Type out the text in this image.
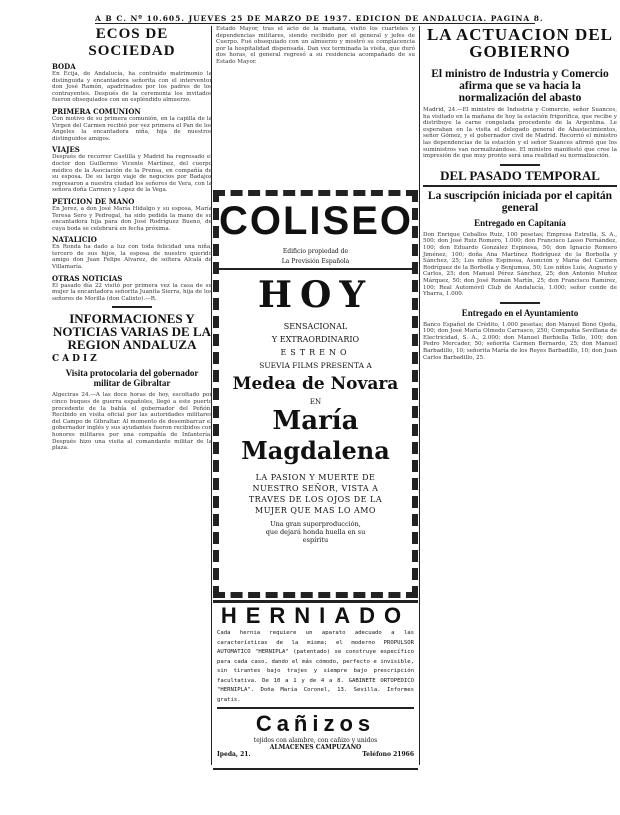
A B C. Nº 10.605. JUEVES 25 DE MARZO DE 1937. EDICION DE ANDALUCIA. PAGINA 8.
ECOS DE SOCIEDAD
BODA
En Écija, de Andalucía, ha contraído matrimonio la distinguida y encantadora señorita con el interventor don José Ramón, apadrinados por los padres de los contrayentes. Después de la ceremonia los invitados fueron obsequiados con un espléndido almuerzo.
PRIMERA COMUNION
Con motivo de su primera comunión, en la capilla de la Virgen del Carmen recibió por vez primera el Pan de los Ángeles la encantadora niña, hija de nuestros distinguidos amigos.
VIAJES
Después de recorrer Castilla y Madrid ha regresado el doctor don Guillermo Vicente Martínez, del cuerpo médico de la Asociación de la Prensa, en compañía de su esposa. De su largo viaje de negocios por Badajoz regresaron a nuestra ciudad los señores de Vera, con la señora doña Carmen y Lopez de la Vega.
PETICION DE MANO
En Jerez, a don José María Hidalgo y su esposa, María Teresa Sero y Pedregal, ha sido pedida la mano de su encantadora hija para don José Rodríguez Bueno, de cuya boda se celebrará en fecha próxima.
NATALICIO
En Ronda ha dado a luz con toda felicidad una niña, tercero de sus hijos, la esposa de nuestro querido amigo don Juan Felipe Alvarez, de soltera Alcalá de Villamaría.
OTRAS NOTICIAS
El pasado día 22 visitó por primera vez la casa de su mujer la encantadora señorita Juanita Sierra, hija de los señores de Morilla (don Calixto).—R.
INFORMACIONES Y NOTICIAS VARIAS DE LA REGION ANDALUZA
CADIZ
Visita protocolaria del gobernador militar de Gibraltar
Algeciras 24.—A las doce horas de hoy, escoltado por cinco buques de guerra españoles, llegó a este puerto procedente de la bahía el gobernador del Peñón. Recibido en visita oficial por las autoridades militares del Campo de Gibraltar. Al momento de desembarcar el gobernador inglés y sus ayudantes fueron recibidos con honores militares por una compañía de Infantería. Después hizo una visita al comandante militar de la plaza.
Estado Mayor, tras el acto de la mañana, visitó los cuarteles y dependencias militares, siendo recibido por el general y jefes de Cuerpo. Fué obsequiado con un almuerzo y mostró su complacencia por la hospitalidad dispensada. Dan vez terminada la visita, que duró dos horas, el general regresó a su residencia acompañado de su Estado Mayor.
COLISEO
Edificio propiedad de
La Previsión Española
HOY
SENSACIONAL
Y EXTRAORDINARIO
ESTRENO
SUEVIA FILMS PRESENTA A
Medea de Novara
EN
María
Magdalena
LA PASION Y MUERTE DE NUESTRO SEÑOR, VISTA A TRAVES DE LOS OJOS DE LA MUJER QUE MAS LO AMO
Una gran superproducción, que dejará honda huella en su espíritu
HERNIADO
Cada hernia requiere un aparato adecuado a las características de la misma; el moderno PROPULSOR AUTOMATICO "HERNIPLA" (patentado) se construye específico para cada caso, dando el más cómodo, perfecto e invisible, sin tirantes bajo trajes y siempre bajo prescripción facultativa. De 10 a 1 y de 4 a 8. GABINETE ORTOPEDICO "HERNIPLA". Doña María Coronel, 13. Sevilla. Informes gratis.
Cañizos
tejidos con alambre, con cañizo y unidos
ALMACENES CAMPUZANO
Ipeda, 21.	Teléfono 21966
LA ACTUACION DEL GOBIERNO
El ministro de Industria y Comercio afirma que se va hacia la normalización del abasto
Madrid, 24.—El ministro de Industria y Comercio, señor Suances, ha visitado en la mañana de hoy la estación frigorífica, que recibe y distribuye la carne congelada procedente de la Argentina. Le esperaban en la visita el delegado general de Abastecimientos, señor Gómez, y el gobernador civil de Madrid. Recorrió el ministro las dependencias de la estación y el señor Suances afirmó que los suministros van normalizándose. El ministro manifestó que cree la impresión de que muy pronto será una realidad su normalización.
DEL PASADO TEMPORAL
La suscripción iniciada por el capitán general
Entregado en Capitanía
Don Enrique Ceballos Ruiz, 100 pesetas; Empresa Estrella, S. A., 500; don José Ruiz Romero, 1.000; don Francisco Lasso Fernández, 100; don Eduardo González Espinosa, 50; don Ignacio Romero Jiménez, 100; doña Ana Martínez Rodríguez de la Borbolla y Sánchez, 25; Los niños Espinosa, Asunción y María del Carmen Rodríguez de la Borbolla y Benjumea, 50; Los niños Luis, Augusto y Carlos, 25; don Manuel Pérez Sánchez, 25; don Antonio Muñoz Márquez, 50; don José Román Martín, 25; don Francisco Ramírez, 100; Real Automóvil Club de Andalucía, 1.000; señor conde de Ybarra, 1.000.
Entregado en el Ayuntamiento
Banco Español de Crédito, 1.000 pesetas; don Manuel Bono Ojeda, 100; don José María Olmedo Carrasco, 250; Compañía Sevillana de Electricidad, S. A., 2.000; don Manuel Berbiella Tello, 100; don Pedro Mercader, 50; señorita Carmen Bernardo, 25; don Manuel Barbadillo, 10; señorita María de los Reyes Barbadillo, 10; don Juan Carlos Barbadillo, 25.
